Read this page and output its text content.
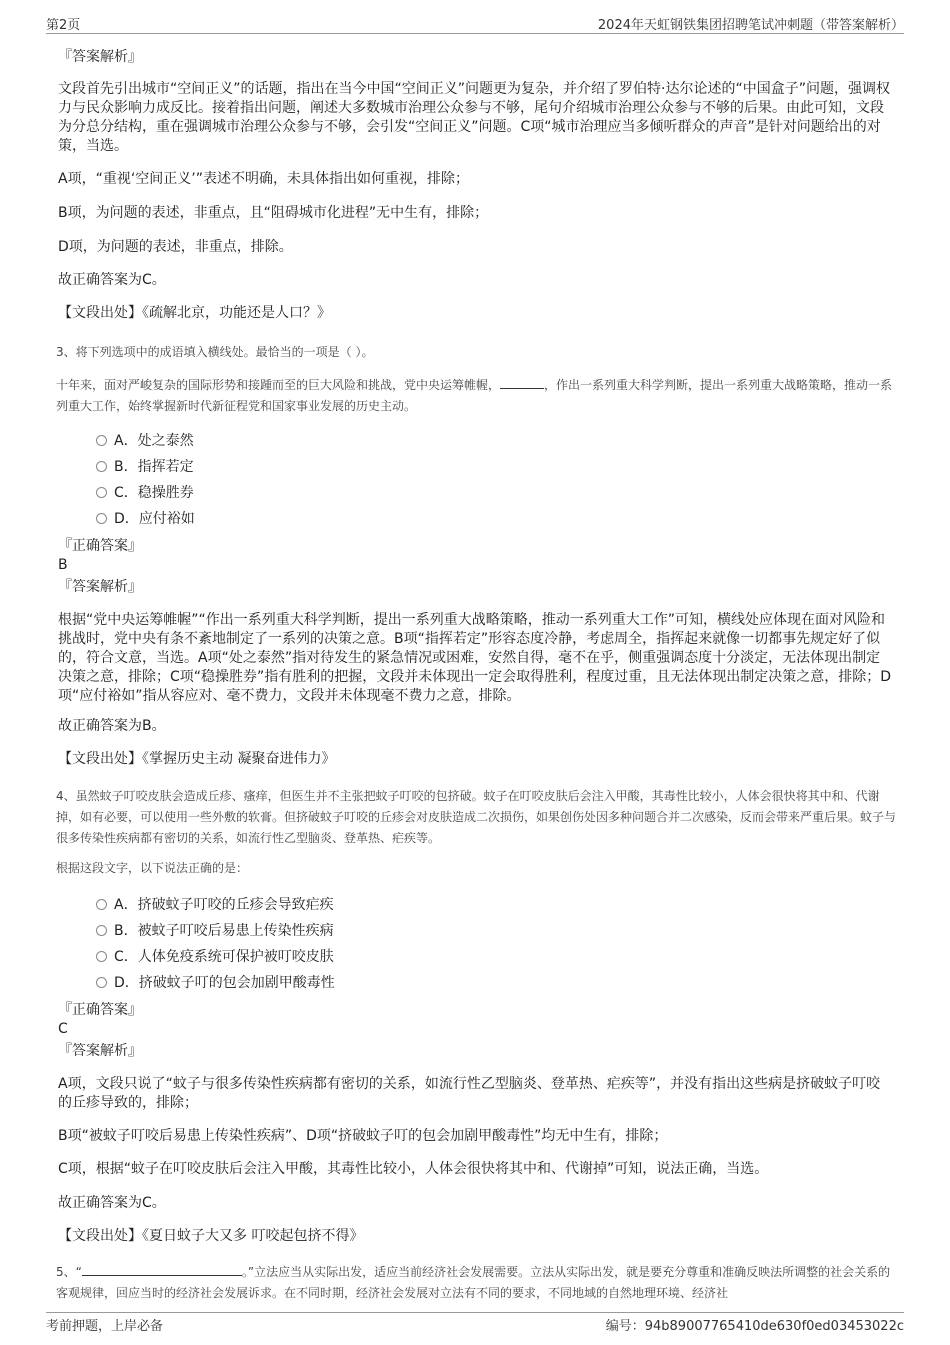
第2页	2024年天虹钢铁集团招聘笔试冲刺题（带答案解析）
『答案解析』
文段首先引出城市“空间正义”的话题，指出在当今中国“空间正义”问题更为复杂，并介绍了罗伯特·达尔论述的“中国盒子”问题，强调权力与民众影响力成反比。接着指出问题，阐述大多数城市治理公众参与不够，尾句介绍城市治理公众参与不够的后果。由此可知，文段为分总分结构，重在强调城市治理公众参与不够，会引发“空间正义”问题。C项“城市治理应当多倾听群众的声音”是针对问题给出的对策，当选。
A项，“重视‘空间正义’”表述不明确，未具体指出如何重视，排除；
B项，为问题的表述，非重点，且“阻碍城市化进程”无中生有，排除；
D项，为问题的表述，非重点，排除。
故正确答案为C。
【文段出处】《疏解北京，功能还是人口？》
3、将下列选项中的成语填入横线处。最恰当的一项是（ ）。
十年来，面对严峻复杂的国际形势和接踵而至的巨大风险和挑战，党中央运筹帷幄，	，作出一系列重大科学判断，提出一系列重大战略策略，推动一系列重大工作，始终掌握新时代新征程党和国家事业发展的历史主动。
A．处之泰然
B．指挥若定
C．稳操胜券
D．应付裕如
『正确答案』
B
『答案解析』
根据“党中央运筹帷幄”“作出一系列重大科学判断，提出一系列重大战略策略，推动一系列重大工作”可知，横线处应体现在面对风险和挑战时，党中央有条不紊地制定了一系列的决策之意。B项“指挥若定”形容态度冷静，考虑周全，指挥起来就像一切都事先规定好了似的，符合文意，当选。A项“处之泰然”指对待发生的紧急情况或困难，安然自得，毫不在乎，侧重强调态度十分淡定，无法体现出制定决策之意，排除；C项“稳操胜券”指有胜利的把握，文段并未体现出一定会取得胜利，程度过重，且无法体现出制定决策之意，排除；D项“应付裕如”指从容应对、毫不费力，文段并未体现毫不费力之意，排除。
故正确答案为B。
【文段出处】《掌握历史主动 凝聚奋进伟力》
4、虽然蚊子叮咬皮肤会造成丘疹、瘙痒，但医生并不主张把蚊子叮咬的包挤破。蚊子在叮咬皮肤后会注入甲酸，其毒性比较小，人体会很快将其中和、代谢掉，如有必要，可以使用一些外敷的软膏。但挤破蚊子叮咬的丘疹会对皮肤造成二次损伤，如果创伤处因多种问题合并二次感染，反而会带来严重后果。蚊子与很多传染性疾病都有密切的关系，如流行性乙型脑炎、登革热、疟疾等。
根据这段文字，以下说法正确的是：
A．挤破蚊子叮咬的丘疹会导致疟疾
B．被蚊子叮咬后易患上传染性疾病
C．人体免疫系统可保护被叮咬皮肤
D．挤破蚊子叮的包会加剧甲酸毒性
『正确答案』
C
『答案解析』
A项，文段只说了“蚊子与很多传染性疾病都有密切的关系，如流行性乙型脑炎、登革热、疟疾等”，并没有指出这些病是挤破蚊子叮咬的丘疹导致的，排除；
B项“被蚊子叮咬后易患上传染性疾病”、D项“挤破蚊子叮的包会加剧甲酸毒性”均无中生有，排除；
C项，根据“蚊子在叮咬皮肤后会注入甲酸，其毒性比较小，人体会很快将其中和、代谢掉”可知，说法正确，当选。
故正确答案为C。
【文段出处】《夏日蚊子大又多 叮咬起包挤不得》
5、“	。”立法应当从实际出发，适应当前经济社会发展需要。立法从实际出发，就是要充分尊重和准确反映法所调整的社会关系的客观规律，回应当时的经济社会发展诉求。在不同时期，经济社会发展对立法有不同的要求，不同地域的自然地理环境、经济社
考前押题，上岸必备	编号：94b89007765410de630f0ed03453022c
